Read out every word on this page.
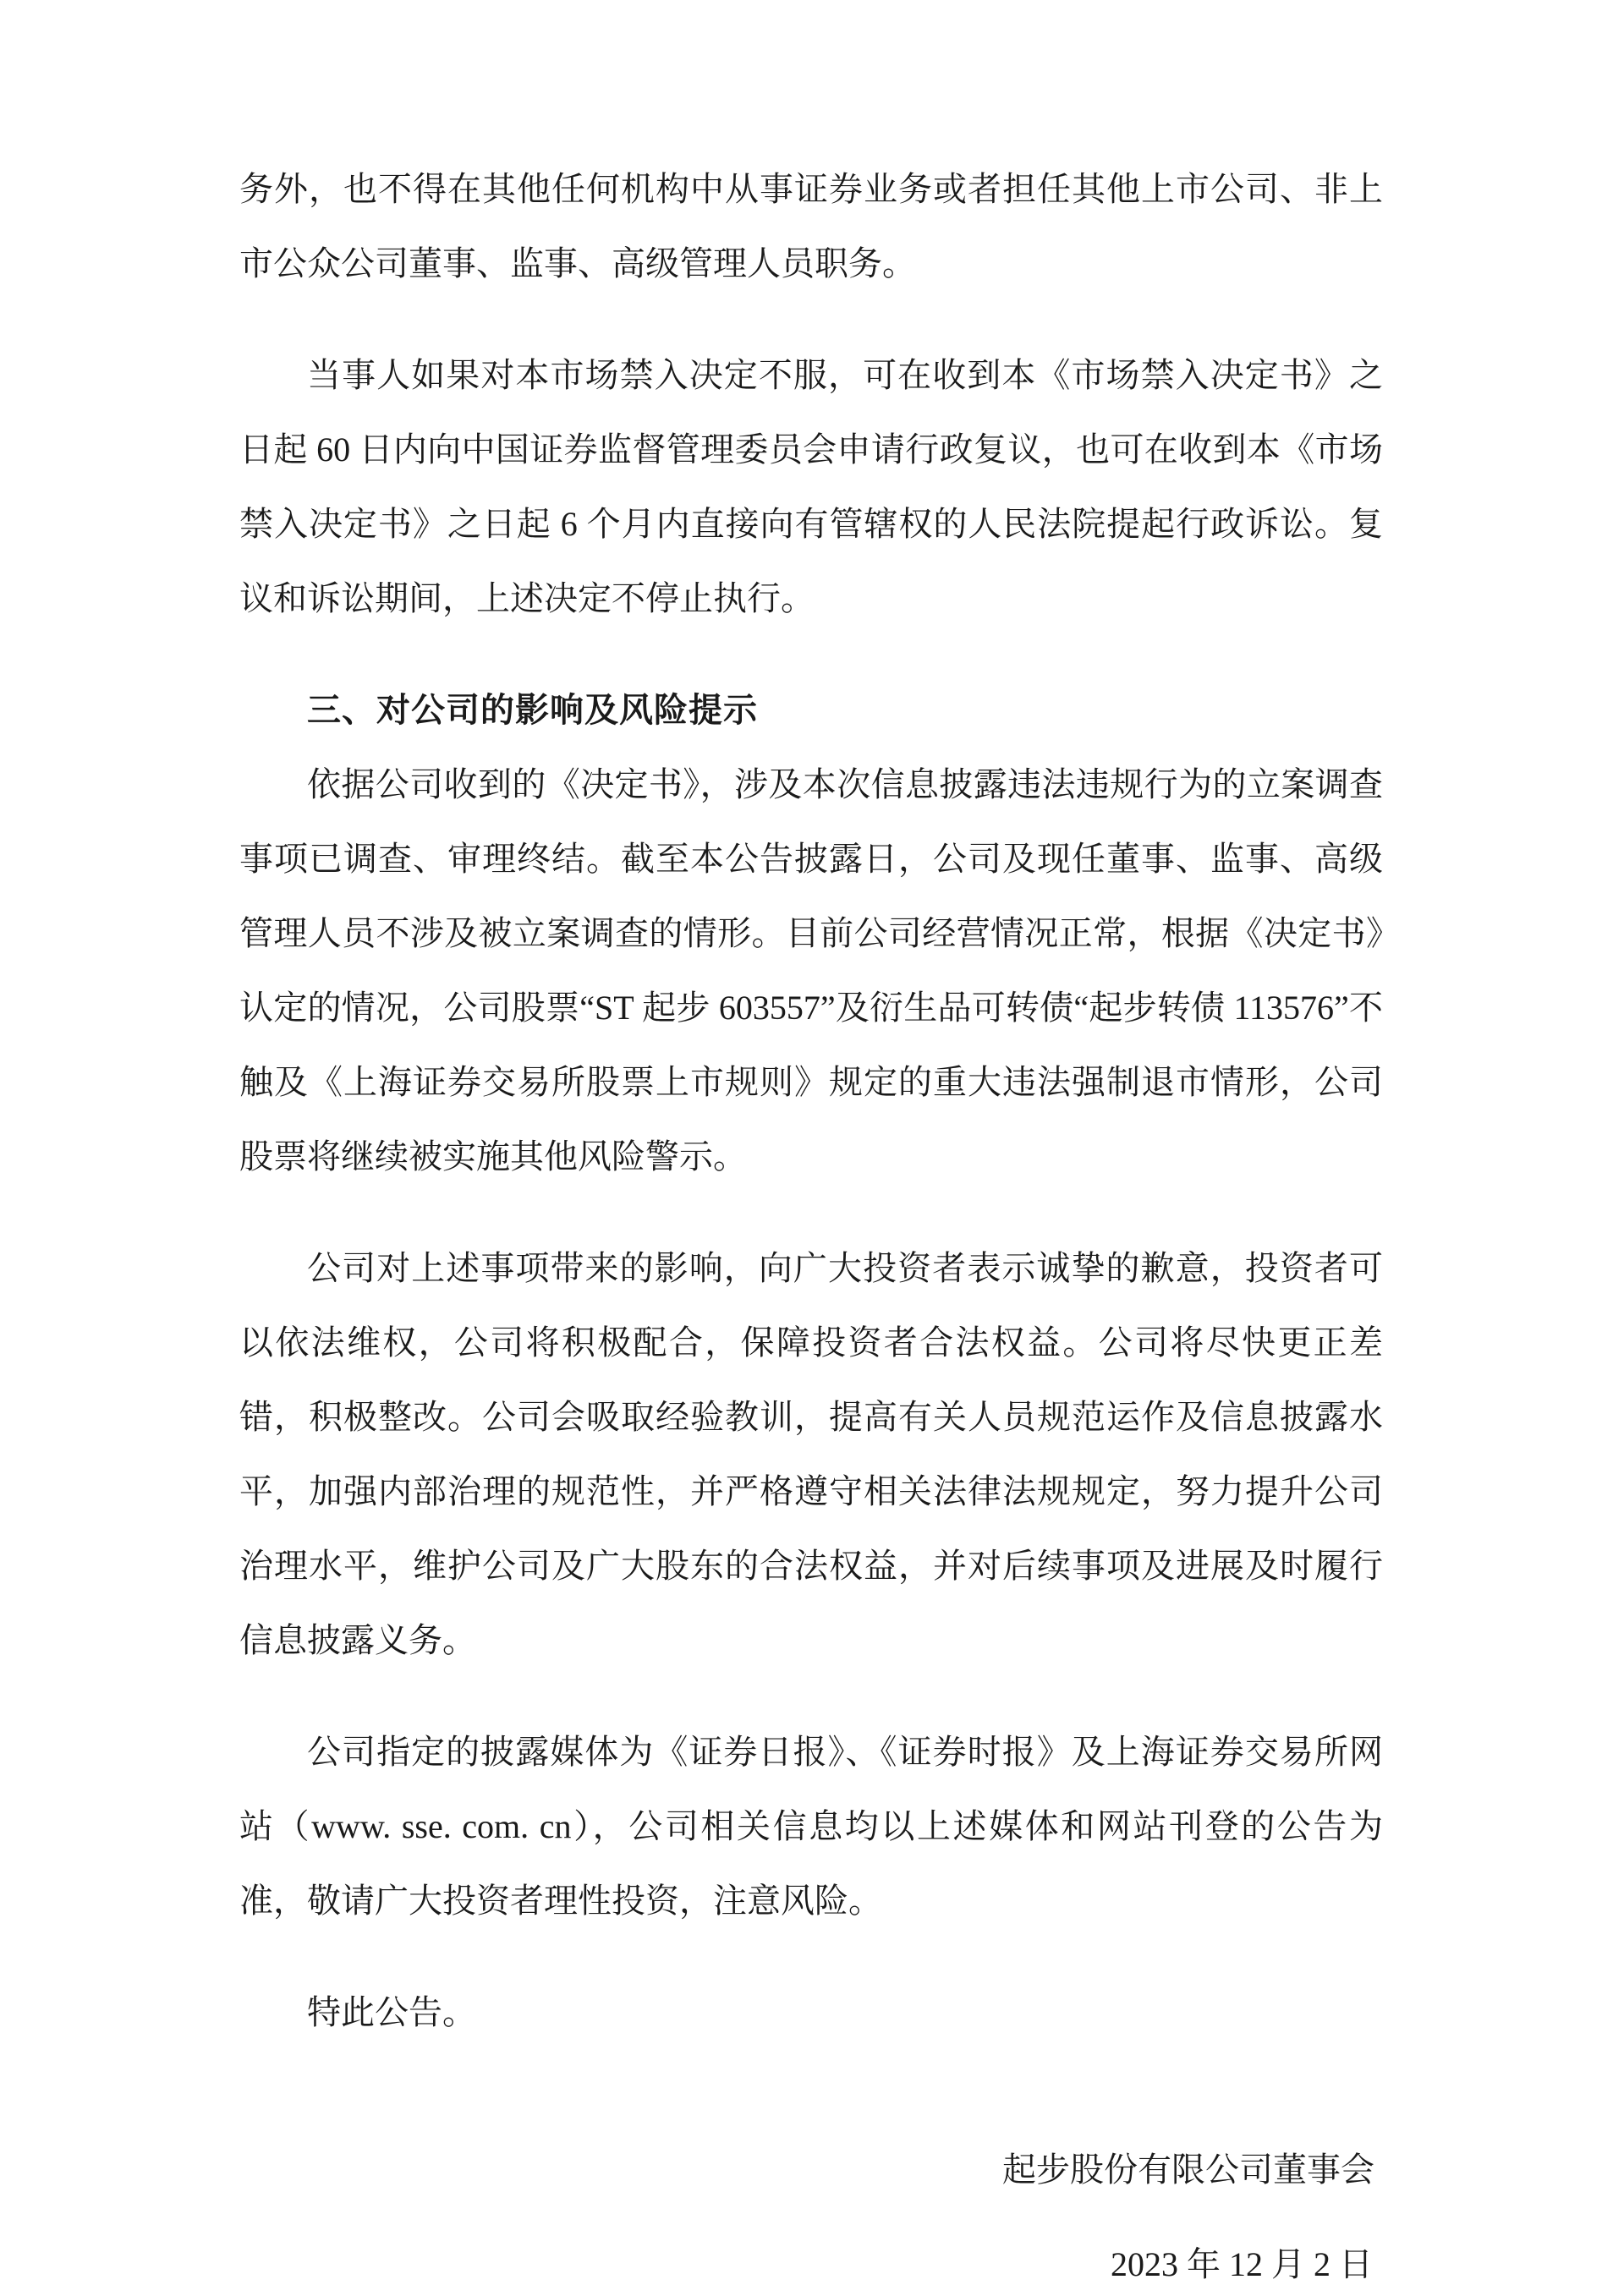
务外，也不得在其他任何机构中从事证券业务或者担任其他上市公司、非上市公众公司董事、监事、高级管理人员职务。

当事人如果对本市场禁入决定不服，可在收到本《市场禁入决定书》之日起 60 日内向中国证券监督管理委员会申请行政复议，也可在收到本《市场禁入决定书》之日起 6 个月内直接向有管辖权的人民法院提起行政诉讼。复议和诉讼期间，上述决定不停止执行。

三、对公司的影响及风险提示

依据公司收到的《决定书》，涉及本次信息披露违法违规行为的立案调查事项已调查、审理终结。截至本公告披露日，公司及现任董事、监事、高级管理人员不涉及被立案调查的情形。目前公司经营情况正常，根据《决定书》认定的情况，公司股票“ST 起步 603557”及衍生品可转债“起步转债 113576”不触及《上海证券交易所股票上市规则》规定的重大违法强制退市情形，公司股票将继续被实施其他风险警示。

公司对上述事项带来的影响，向广大投资者表示诚挚的歉意，投资者可以依法维权，公司将积极配合，保障投资者合法权益。公司将尽快更正差错，积极整改。公司会吸取经验教训，提高有关人员规范运作及信息披露水平，加强内部治理的规范性，并严格遵守相关法律法规规定，努力提升公司治理水平，维护公司及广大股东的合法权益，并对后续事项及进展及时履行信息披露义务。

公司指定的披露媒体为《证券日报》、《证券时报》及上海证券交易所网站（www. sse. com. cn），公司相关信息均以上述媒体和网站刊登的公告为准，敬请广大投资者理性投资，注意风险。

特此公告。

起步股份有限公司董事会
2023 年 12 月 2 日
